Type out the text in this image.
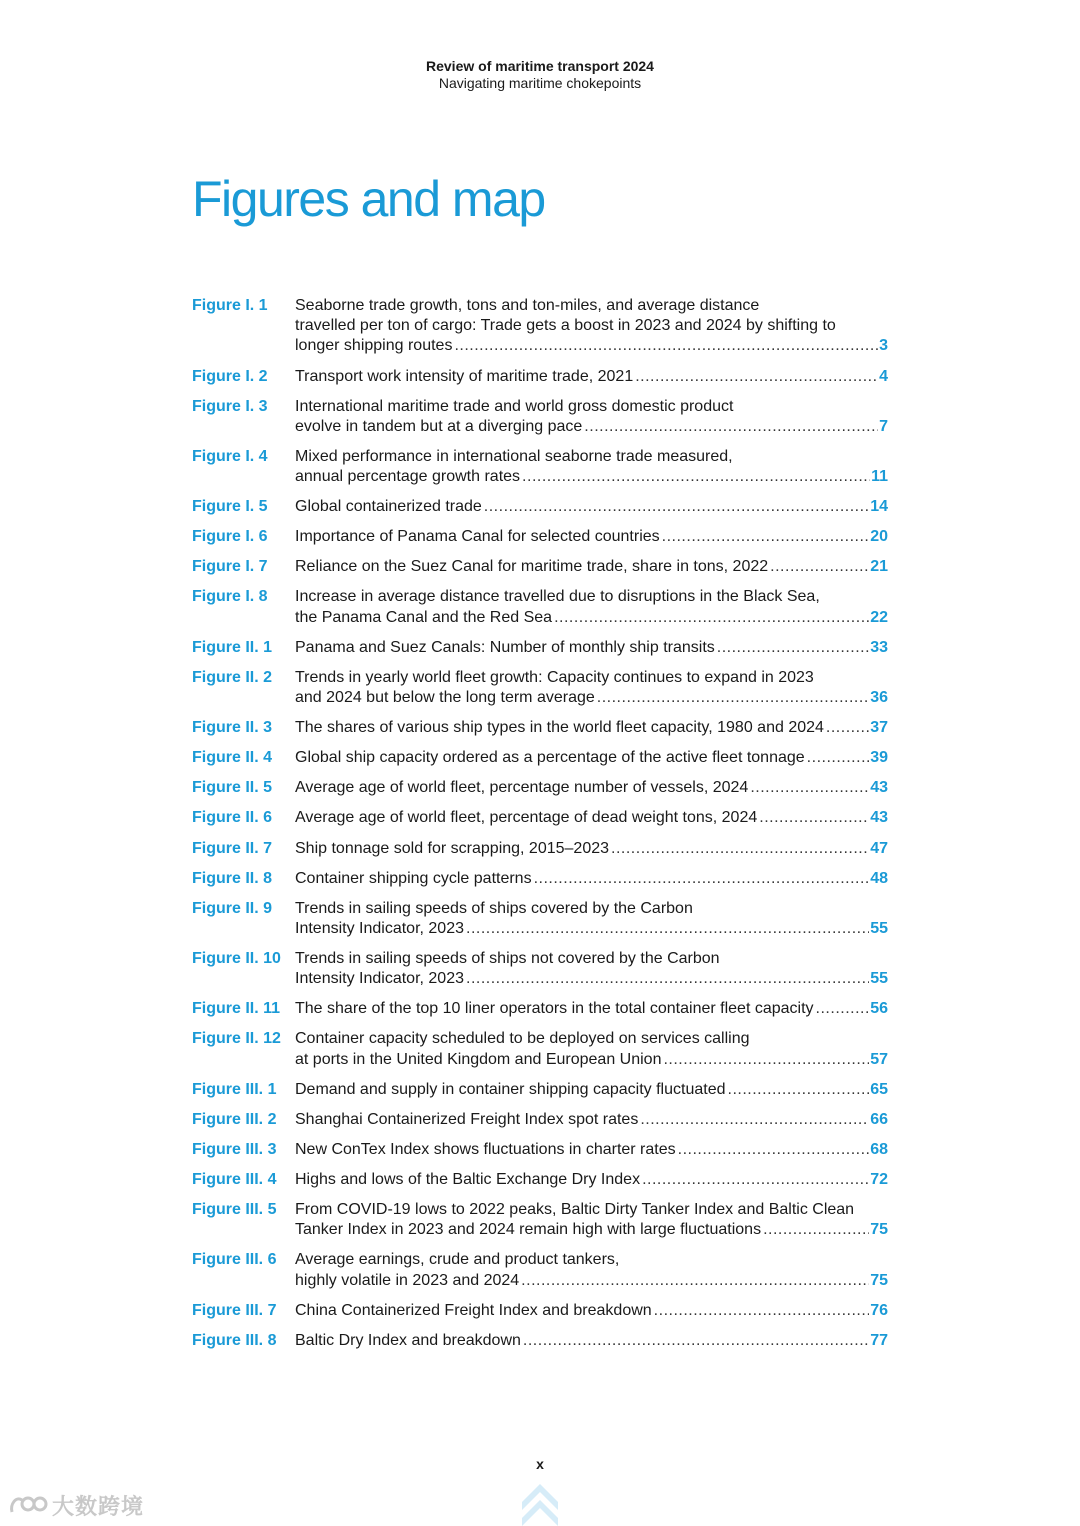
Review of maritime transport 2024
Navigating maritime chokepoints
Figures and map
Figure I. 1	Seaborne trade growth, tons and ton-miles, and average distance
travelled per ton of cargo: Trade gets a boost in 2023 and 2024 by shifting to
longer shipping routes .....	3
Figure I. 2	Transport work intensity of maritime trade, 2021 .....	4
Figure I. 3	International maritime trade and world gross domestic product
evolve in tandem but at a diverging pace .....	7
Figure I. 4	Mixed performance in international seaborne trade measured,
annual percentage growth rates .....	11
Figure I. 5	Global containerized trade .....	14
Figure I. 6	Importance of Panama Canal for selected countries .....	20
Figure I. 7	Reliance on the Suez Canal for maritime trade, share in tons, 2022 .....	21
Figure I. 8	Increase in average distance travelled due to disruptions in the Black Sea,
the Panama Canal and the Red Sea .....	22
Figure II. 1	Panama and Suez Canals: Number of monthly ship transits .....	33
Figure II. 2	Trends in yearly world fleet growth: Capacity continues to expand in 2023
and 2024 but below the long term average .....	36
Figure II. 3	The shares of various ship types in the world fleet capacity, 1980 and 2024 .....	37
Figure II. 4	Global ship capacity ordered as a percentage of the active fleet tonnage .....	39
Figure II. 5	Average age of world fleet, percentage number of vessels, 2024 .....	43
Figure II. 6	Average age of world fleet, percentage of dead weight tons, 2024 .....	43
Figure II. 7	Ship tonnage sold for scrapping, 2015–2023 .....	47
Figure II. 8	Container shipping cycle patterns .....	48
Figure II. 9	Trends in sailing speeds of ships covered by the Carbon
Intensity Indicator, 2023 .....	55
Figure II. 10 Trends in sailing speeds of ships not covered by the Carbon
Intensity Indicator, 2023 .....	55
Figure II. 11 The share of the top 10 liner operators in the total container fleet capacity .....	56
Figure II. 12 Container capacity scheduled to be deployed on services calling
at ports in the United Kingdom and European Union .....	57
Figure III. 1	Demand and supply in container shipping capacity fluctuated .....	65
Figure III. 2	Shanghai Containerized Freight Index spot rates .....	66
Figure III. 3	New ConTex Index shows fluctuations in charter rates .....	68
Figure III. 4	Highs and lows of the Baltic Exchange Dry Index .....	72
Figure III. 5	From COVID-19 lows to 2022 peaks, Baltic Dirty Tanker Index and Baltic Clean
Tanker Index in 2023 and 2024 remain high with large fluctuations .....	75
Figure III. 6	Average earnings, crude and product tankers,
highly volatile in 2023 and 2024 .....	75
Figure III. 7	China Containerized Freight Index and breakdown .....	76
Figure III. 8	Baltic Dry Index and breakdown .....	77
x
大数跨境
